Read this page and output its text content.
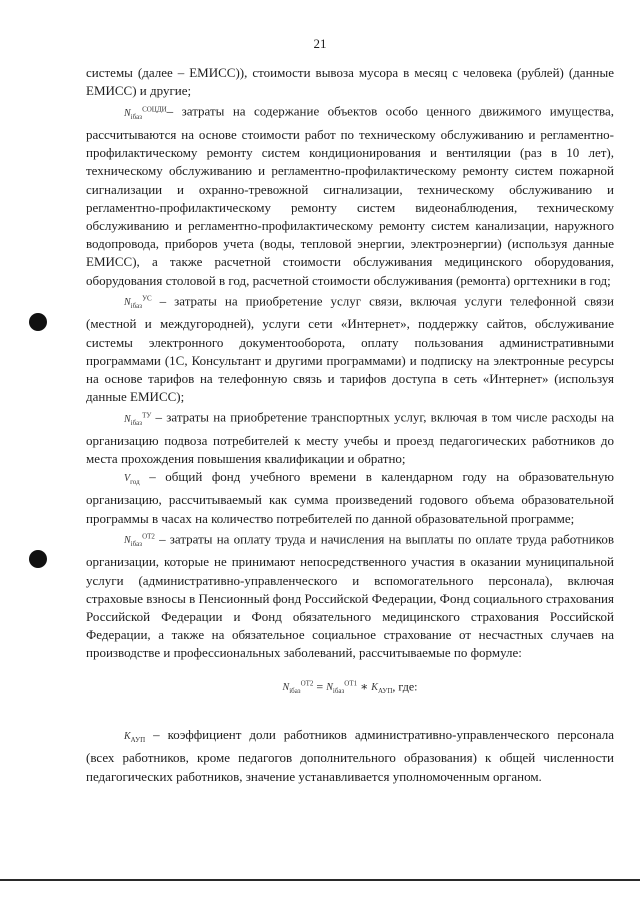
21

системы (далее – ЕМИСС)), стоимости вывоза мусора в месяц с человека (рублей) (данные ЕМИСС) и другие;

$N_{iбаз}^{СОЦДИ}-$ затраты на содержание объектов особо ценного движимого имущества, рассчитываются на основе стоимости работ по техническому обслуживанию и регламентно-профилактическому ремонту систем кондиционирования и вентиляции (раз в 10 лет), техническому обслуживанию и регламентно-профилактическому ремонту систем пожарной сигнализации и охранно-тревожной сигнализации, техническому обслуживанию и регламентно-профилактическому ремонту систем видеонаблюдения, техническому обслуживанию и регламентно-профилактическому ремонту систем канализации, наружного водопровода, приборов учета (воды, тепловой энергии, электроэнергии) (используя данные ЕМИСС), а также расчетной стоимости обслуживания медицинского оборудования, оборудования столовой в год, расчетной стоимости обслуживания (ремонта) оргтехники в год;

$N_{iбаз}^{УС}$ – затраты на приобретение услуг связи, включая услуги телефонной связи (местной и междугородней), услуги сети «Интернет», поддержку сайтов, обслуживание системы электронного документооборота, оплату пользования административными программами (1С, Консультант и другими программами) и подписку на электронные ресурсы на основе тарифов на телефонную связь и тарифов доступа в сеть «Интернет» (используя данные ЕМИСС);

$N_{iбаз}^{ТУ}$ – затраты на приобретение транспортных услуг, включая в том числе расходы на организацию подвоза потребителей к месту учебы и проезд педагогических работников до места прохождения повышения квалификации и обратно;

$V_{год}$ – общий фонд учебного времени в календарном году на образовательную организацию, рассчитываемый как сумма произведений годового объема образовательной программы в часах на количество потребителей по данной образовательной программе;

$N_{iбаз}^{ОТ2}$ – затраты на оплату труда и начисления на выплаты по оплате труда работников организации, которые не принимают непосредственного участия в оказании муниципальной услуги (административно-управленческого и вспомогательного персонала), включая страховые взносы в Пенсионный фонд Российской Федерации, Фонд социального страхования Российской Федерации и Фонд обязательного медицинского страхования Российской Федерации, а также на обязательное социальное страхование от несчастных случаев на производстве и профессиональных заболеваний, рассчитываемые по формуле:

$N_{iбаз}^{ОТ2} = N_{iбаз}^{ОТ1}$ ∗ $K_{АУП}$, где:

$K_{АУП}$ – коэффициент доли работников административно-управленческого персонала (всех работников, кроме педагогов дополнительного образования) к общей численности педагогических работников, значение устанавливается уполномоченным органом.
